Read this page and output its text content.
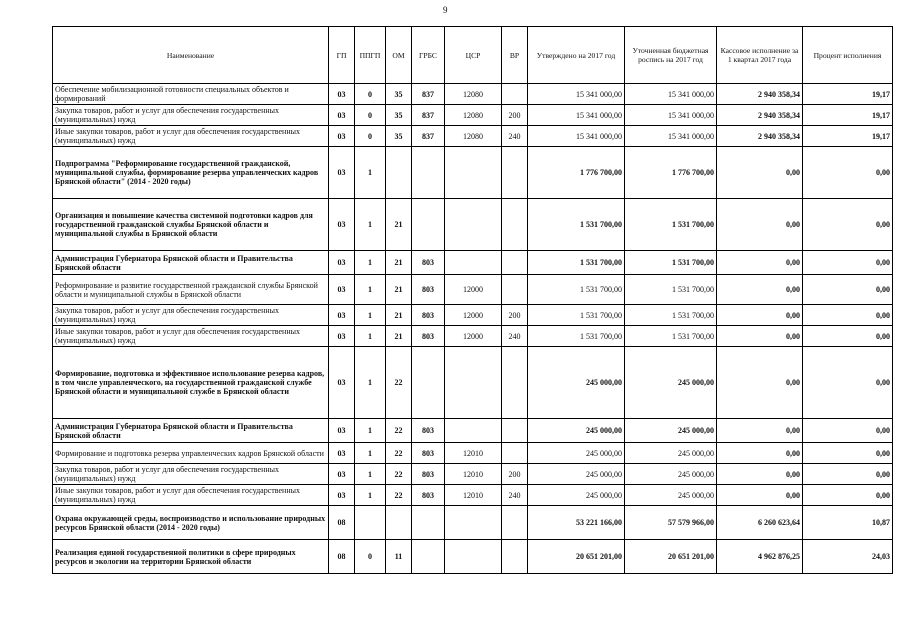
9
Наименование	ГП	ППГП	ОМ	ГРБС	ЦСР	ВР	Утверждено на 2017 год	Уточненная бюджетная роспись на 2017 год	Кассовое исполнение за 1 квартал 2017 года	Процент исполнения
Обеспечение мобилизационной готовности специальных объектов и формирований	03	0	35	837	12080		15 341 000,00	15 341 000,00	2 940 358,34	19,17
Закупка товаров, работ и услуг для обеспечения государственных (муниципальных) нужд	03	0	35	837	12080	200	15 341 000,00	15 341 000,00	2 940 358,34	19,17
Иные закупки товаров, работ и услуг для обеспечения государственных (муниципальных) нужд	03	0	35	837	12080	240	15 341 000,00	15 341 000,00	2 940 358,34	19,17
Подпрограмма "Реформирование государственной гражданской, муниципальной службы, формирование резерва управленческих кадров Брянской области" (2014 - 2020 годы)	03	1					1 776 700,00	1 776 700,00	0,00	0,00
Организация и повышение качества системной подготовки кадров для государственной гражданской службы Брянской области и муниципальной службы в Брянской области	03	1	21				1 531 700,00	1 531 700,00	0,00	0,00
Администрация Губернатора Брянской области и Правительства Брянской области	03	1	21	803			1 531 700,00	1 531 700,00	0,00	0,00
Реформирование и развитие государственной гражданской службы Брянской области и муниципальной службы в Брянской области	03	1	21	803	12000		1 531 700,00	1 531 700,00	0,00	0,00
Закупка товаров, работ и услуг для обеспечения государственных (муниципальных) нужд	03	1	21	803	12000	200	1 531 700,00	1 531 700,00	0,00	0,00
Иные закупки товаров, работ и услуг для обеспечения государственных (муниципальных) нужд	03	1	21	803	12000	240	1 531 700,00	1 531 700,00	0,00	0,00
Формирование, подготовка и эффективное использование резерва кадров, в том числе управленческого, на государственной гражданской службе Брянской области и муниципальной службе в Брянской области	03	1	22				245 000,00	245 000,00	0,00	0,00
Администрация Губернатора Брянской области и Правительства Брянской области	03	1	22	803			245 000,00	245 000,00	0,00	0,00
Формирование и подготовка резерва управленческих кадров Брянской области	03	1	22	803	12010		245 000,00	245 000,00	0,00	0,00
Закупка товаров, работ и услуг для обеспечения государственных (муниципальных) нужд	03	1	22	803	12010	200	245 000,00	245 000,00	0,00	0,00
Иные закупки товаров, работ и услуг для обеспечения государственных (муниципальных) нужд	03	1	22	803	12010	240	245 000,00	245 000,00	0,00	0,00
Охрана окружающей среды, воспроизводство и использование природных ресурсов Брянской области (2014 - 2020 годы)	08						53 221 166,00	57 579 966,00	6 260 623,64	10,87
Реализация единой государственной политики в сфере природных ресурсов и экологии на территории Брянской области	08	0	11				20 651 201,00	20 651 201,00	4 962 876,25	24,03
